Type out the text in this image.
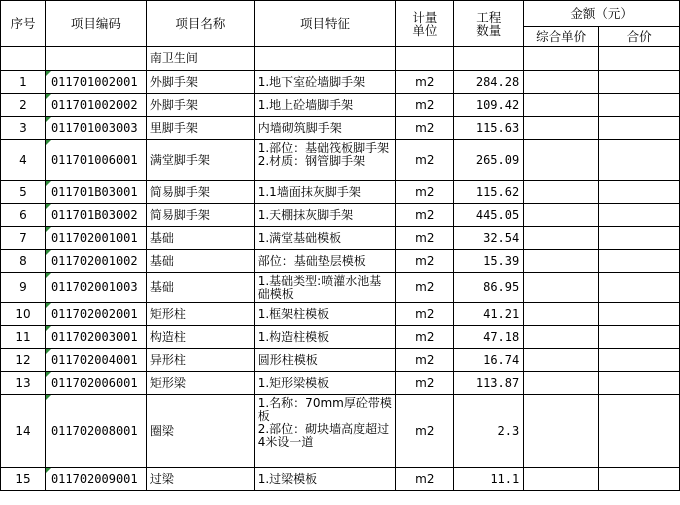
序号	项目编码	项目名称	项目特征	计量单位	工程数量	金额（元）	
						综合单价	合价
		南卫生间					
1	011701002001	外脚手架	1.地下室砼墙脚手架	m2	284.28		
2	011701002002	外脚手架	1.地上砼墙脚手架	m2	109.42		
3	011701003003	里脚手架	内墙砌筑脚手架	m2	115.63		
4	011701006001	满堂脚手架	1.部位：基础筏板脚手架
2.材质：钢管脚手架	m2	265.09		
5	011701B03001	简易脚手架	1.1墙面抹灰脚手架	m2	115.62		
6	011701B03002	简易脚手架	1.天棚抹灰脚手架	m2	445.05		
7	011702001001	基础	1.满堂基础模板	m2	32.54		
8	011702001002	基础	部位：基础垫层模板	m2	15.39		
9	011702001003	基础	1.基础类型:喷灌水池基础模板	m2	86.95		
10	011702002001	矩形柱	1.框架柱模板	m2	41.21		
11	011702003001	构造柱	1.构造柱模板	m2	47.18		
12	011702004001	异形柱	圆形柱模板	m2	16.74		
13	011702006001	矩形梁	1.矩形梁模板	m2	113.87		
14	011702008001	圈梁	1.名称：70mm厚砼带模板
2.部位：砌块墙高度超过4米设一道	m2	2.3		
15	011702009001	过梁	1.过梁模板	m2	11.1		
